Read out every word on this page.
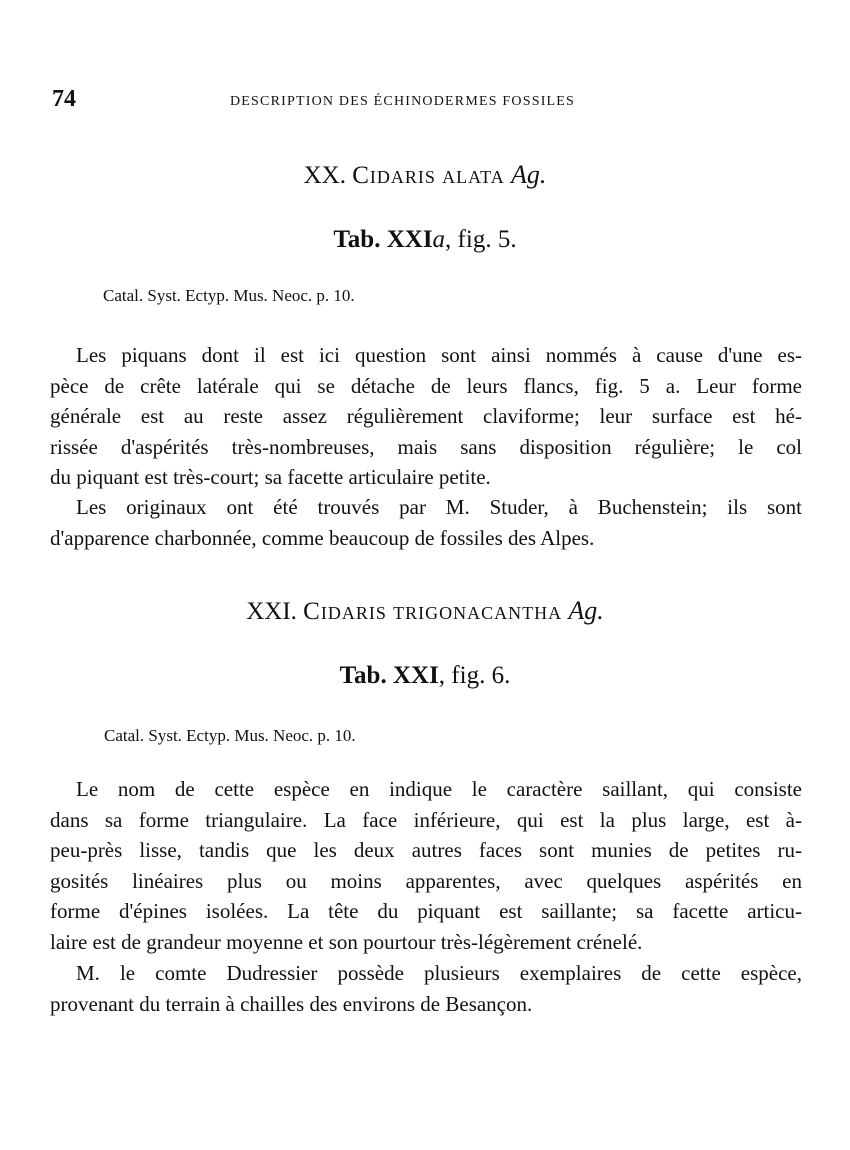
74	DESCRIPTION DES ÉCHINODERMES FOSSILES
XX. Cidaris alata Ag.
Tab. XXIa, fig. 5.
Catal. Syst. Ectyp. Mus. Neoc. p. 10.
Les piquans dont il est ici question sont ainsi nommés à cause d'une es-
pèce de crête latérale qui se détache de leurs flancs, fig. 5 a. Leur forme
générale est au reste assez régulièrement claviforme; leur surface est hé-
rissée d'aspérités très-nombreuses, mais sans disposition régulière; le col
du piquant est très-court; sa facette articulaire petite.
Les originaux ont été trouvés par M. Studer, à Buchenstein; ils sont
d'apparence charbonnée, comme beaucoup de fossiles des Alpes.
XXI. Cidaris trigonacantha Ag.
Tab. XXI, fig. 6.
Catal. Syst. Ectyp. Mus. Neoc. p. 10.
Le nom de cette espèce en indique le caractère saillant, qui consiste
dans sa forme triangulaire. La face inférieure, qui est la plus large, est à-
peu-près lisse, tandis que les deux autres faces sont munies de petites ru-
gosités linéaires plus ou moins apparentes, avec quelques aspérités en
forme d'épines isolées. La tête du piquant est saillante; sa facette articu-
laire est de grandeur moyenne et son pourtour très-légèrement crénelé.
M. le comte Dudressier possède plusieurs exemplaires de cette espèce,
provenant du terrain à chailles des environs de Besançon.
